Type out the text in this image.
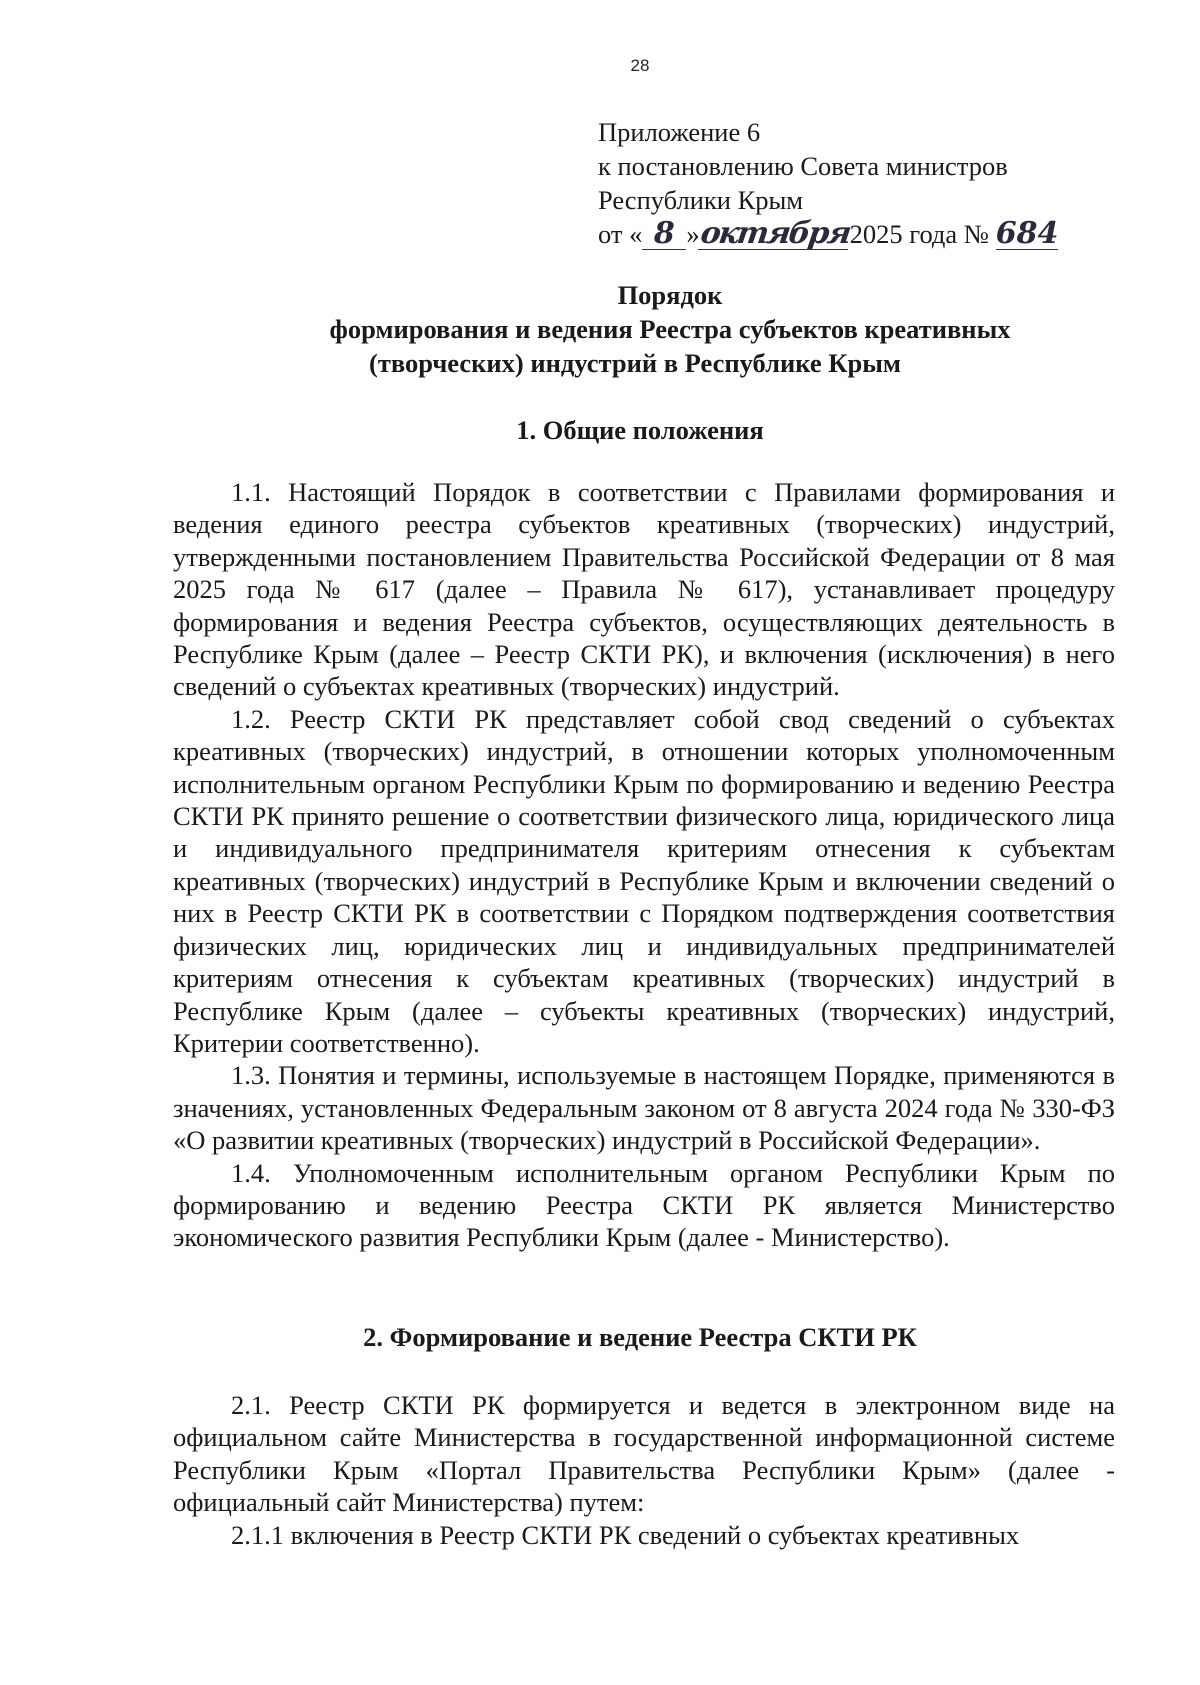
28
Приложение 6
к постановлению Совета министров
Республики Крым
от « 8 »октября2025 года № 684
Порядок
формирования и ведения Реестра субъектов креативных
(творческих) индустрий в Республике Крым
1. Общие положения

1.1. Настоящий Порядок в соответствии с Правилами формирования и ведения единого реестра субъектов креативных (творческих) индустрий, утвержденными постановлением Правительства Российской Федерации от 8 мая 2025 года № 617 (далее – Правила № 617), устанавливает процедуру формирования и ведения Реестра субъектов, осуществляющих деятельность в Республике Крым (далее – Реестр СКТИ РК), и включения (исключения) в него сведений о субъектах креативных (творческих) индустрий.

1.2. Реестр СКТИ РК представляет собой свод сведений о субъектах креативных (творческих) индустрий, в отношении которых уполномоченным исполнительным органом Республики Крым по формированию и ведению Реестра СКТИ РК принято решение о соответствии физического лица, юридического лица и индивидуального предпринимателя критериям отнесения к субъектам креативных (творческих) индустрий в Республике Крым и включении сведений о них в Реестр СКТИ РК в соответствии с Порядком подтверждения соответствия физических лиц, юридических лиц и индивидуальных предпринимателей критериям отнесения к субъектам креативных (творческих) индустрий в Республике Крым (далее – субъекты креативных (творческих) индустрий, Критерии соответственно).

1.3. Понятия и термины, используемые в настоящем Порядке, применяются в значениях, установленных Федеральным законом от 8 августа 2024 года № 330-ФЗ «О развитии креативных (творческих) индустрий в Российской Федерации».

1.4. Уполномоченным исполнительным органом Республики Крым по формированию и ведению Реестра СКТИ РК является Министерство экономического развития Республики Крым (далее - Министерство).

2. Формирование и ведение Реестра СКТИ РК

2.1. Реестр СКТИ РК формируется и ведется в электронном виде на официальном сайте Министерства в государственной информационной системе Республики Крым «Портал Правительства Республики Крым» (далее - официальный сайт Министерства) путем:

2.1.1 включения в Реестр СКТИ РК сведений о субъектах креативных
